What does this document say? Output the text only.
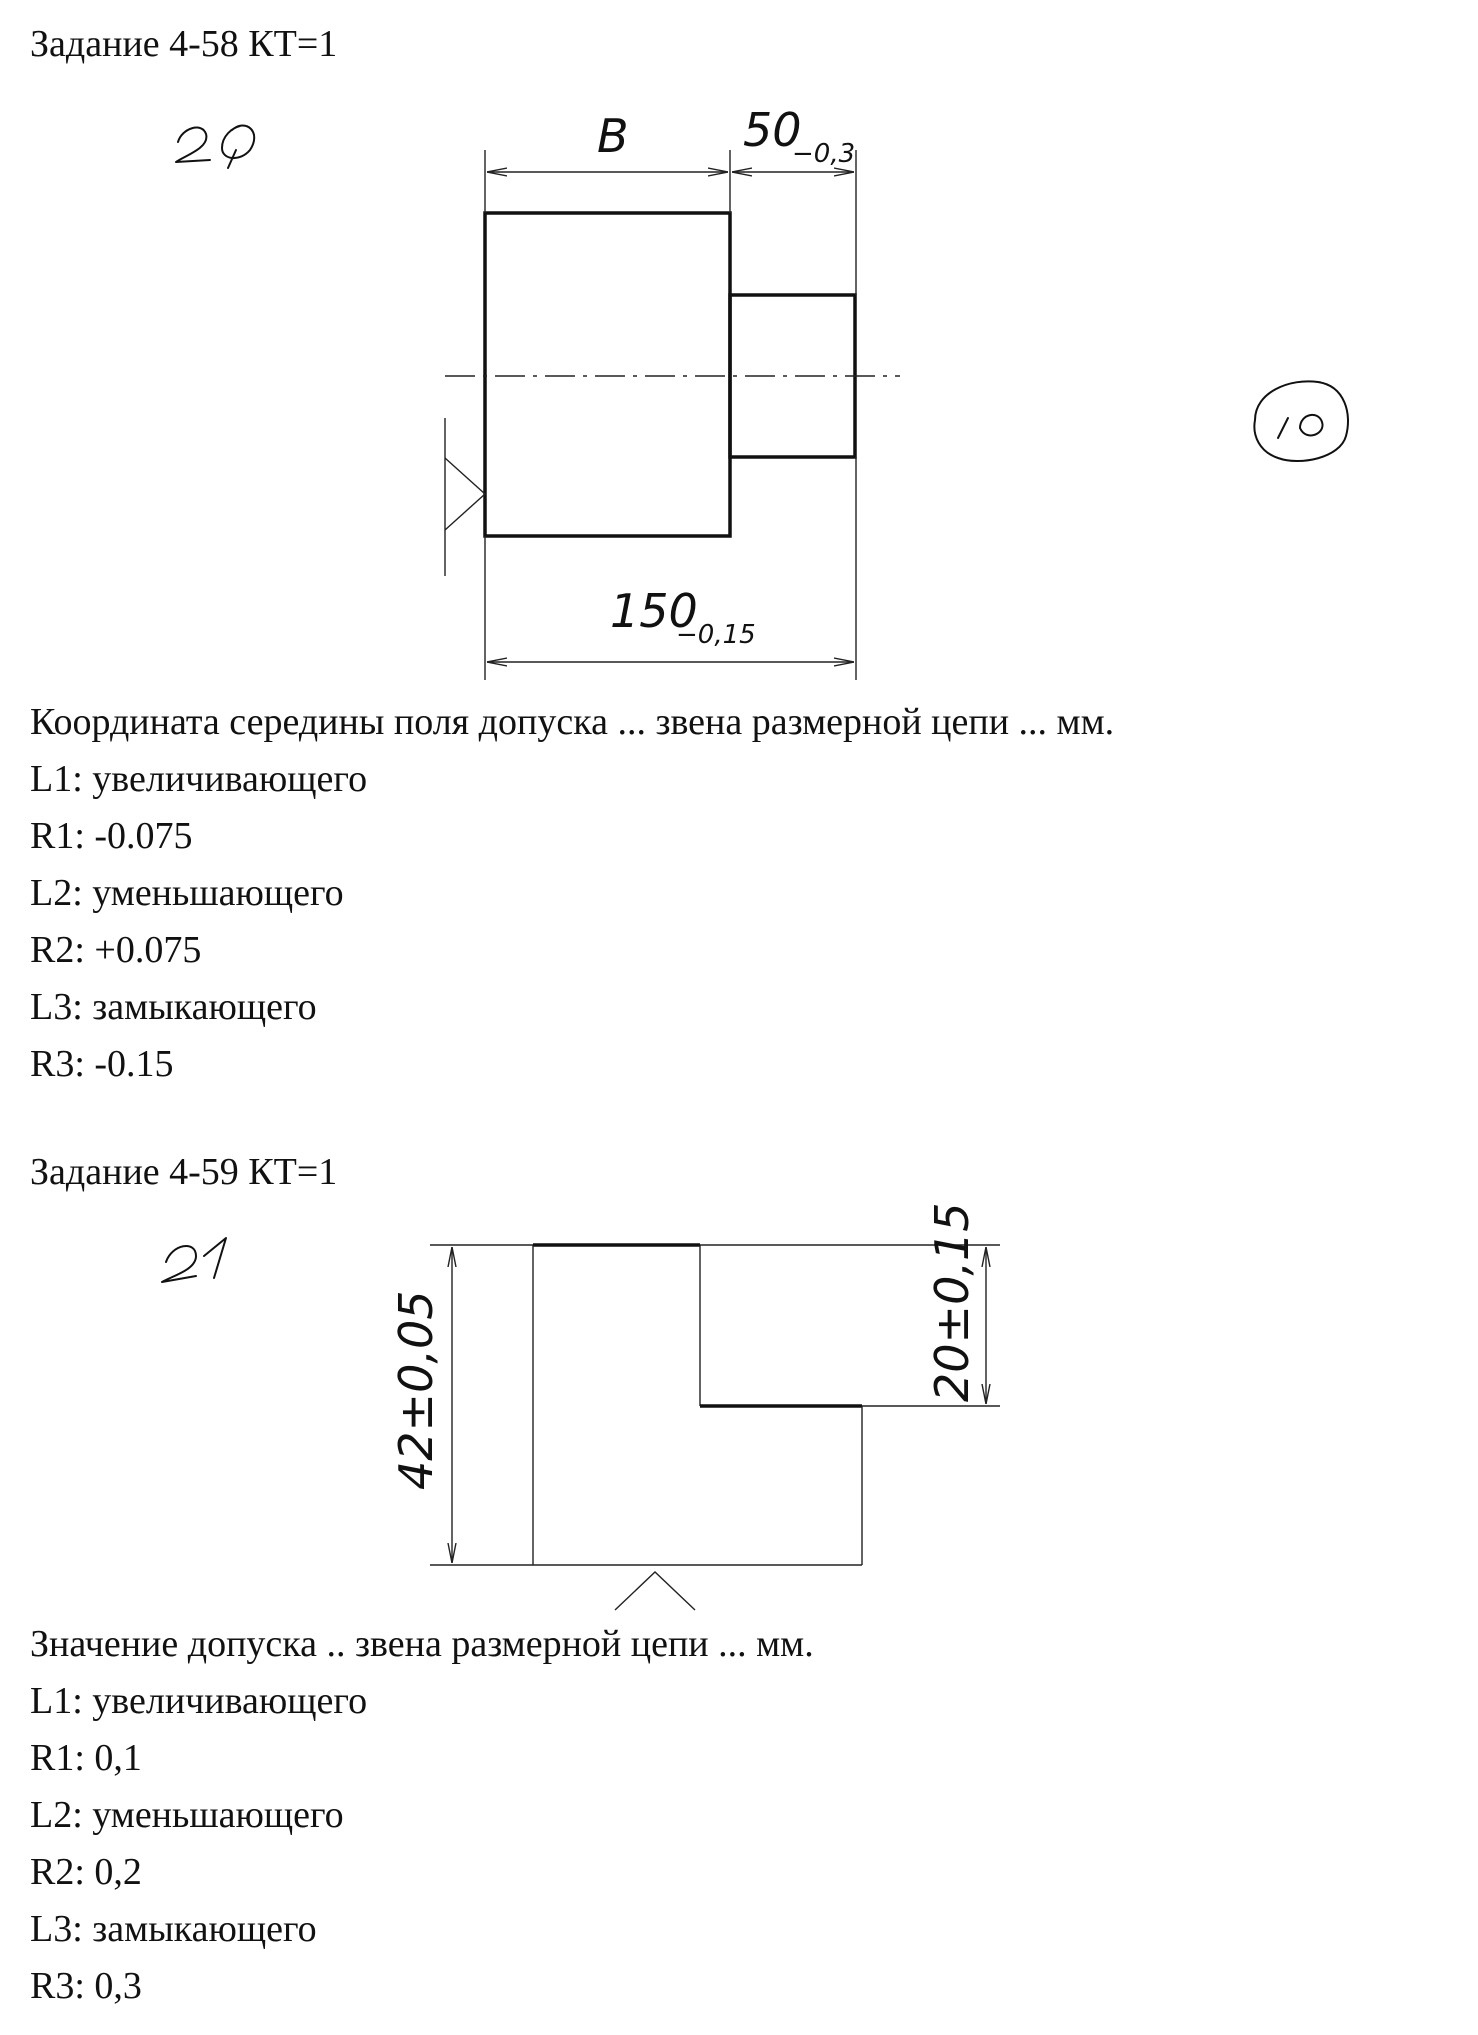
Задание 4-58 КТ=1
B 50
−0,3
150
−0,15
Координата середины поля допуска ... звена размерной цепи ... мм.
L1: увеличивающего
R1: -0.075
L2: уменьшающего
R2: +0.075
L3: замыкающего
R3: -0.15
Задание 4-59 КТ=1
42±0,05	20±0,15
Значение допуска .. звена размерной цепи ... мм.
L1: увеличивающего
R1: 0,1
L2: уменьшающего
R2: 0,2
L3: замыкающего
R3: 0,3
